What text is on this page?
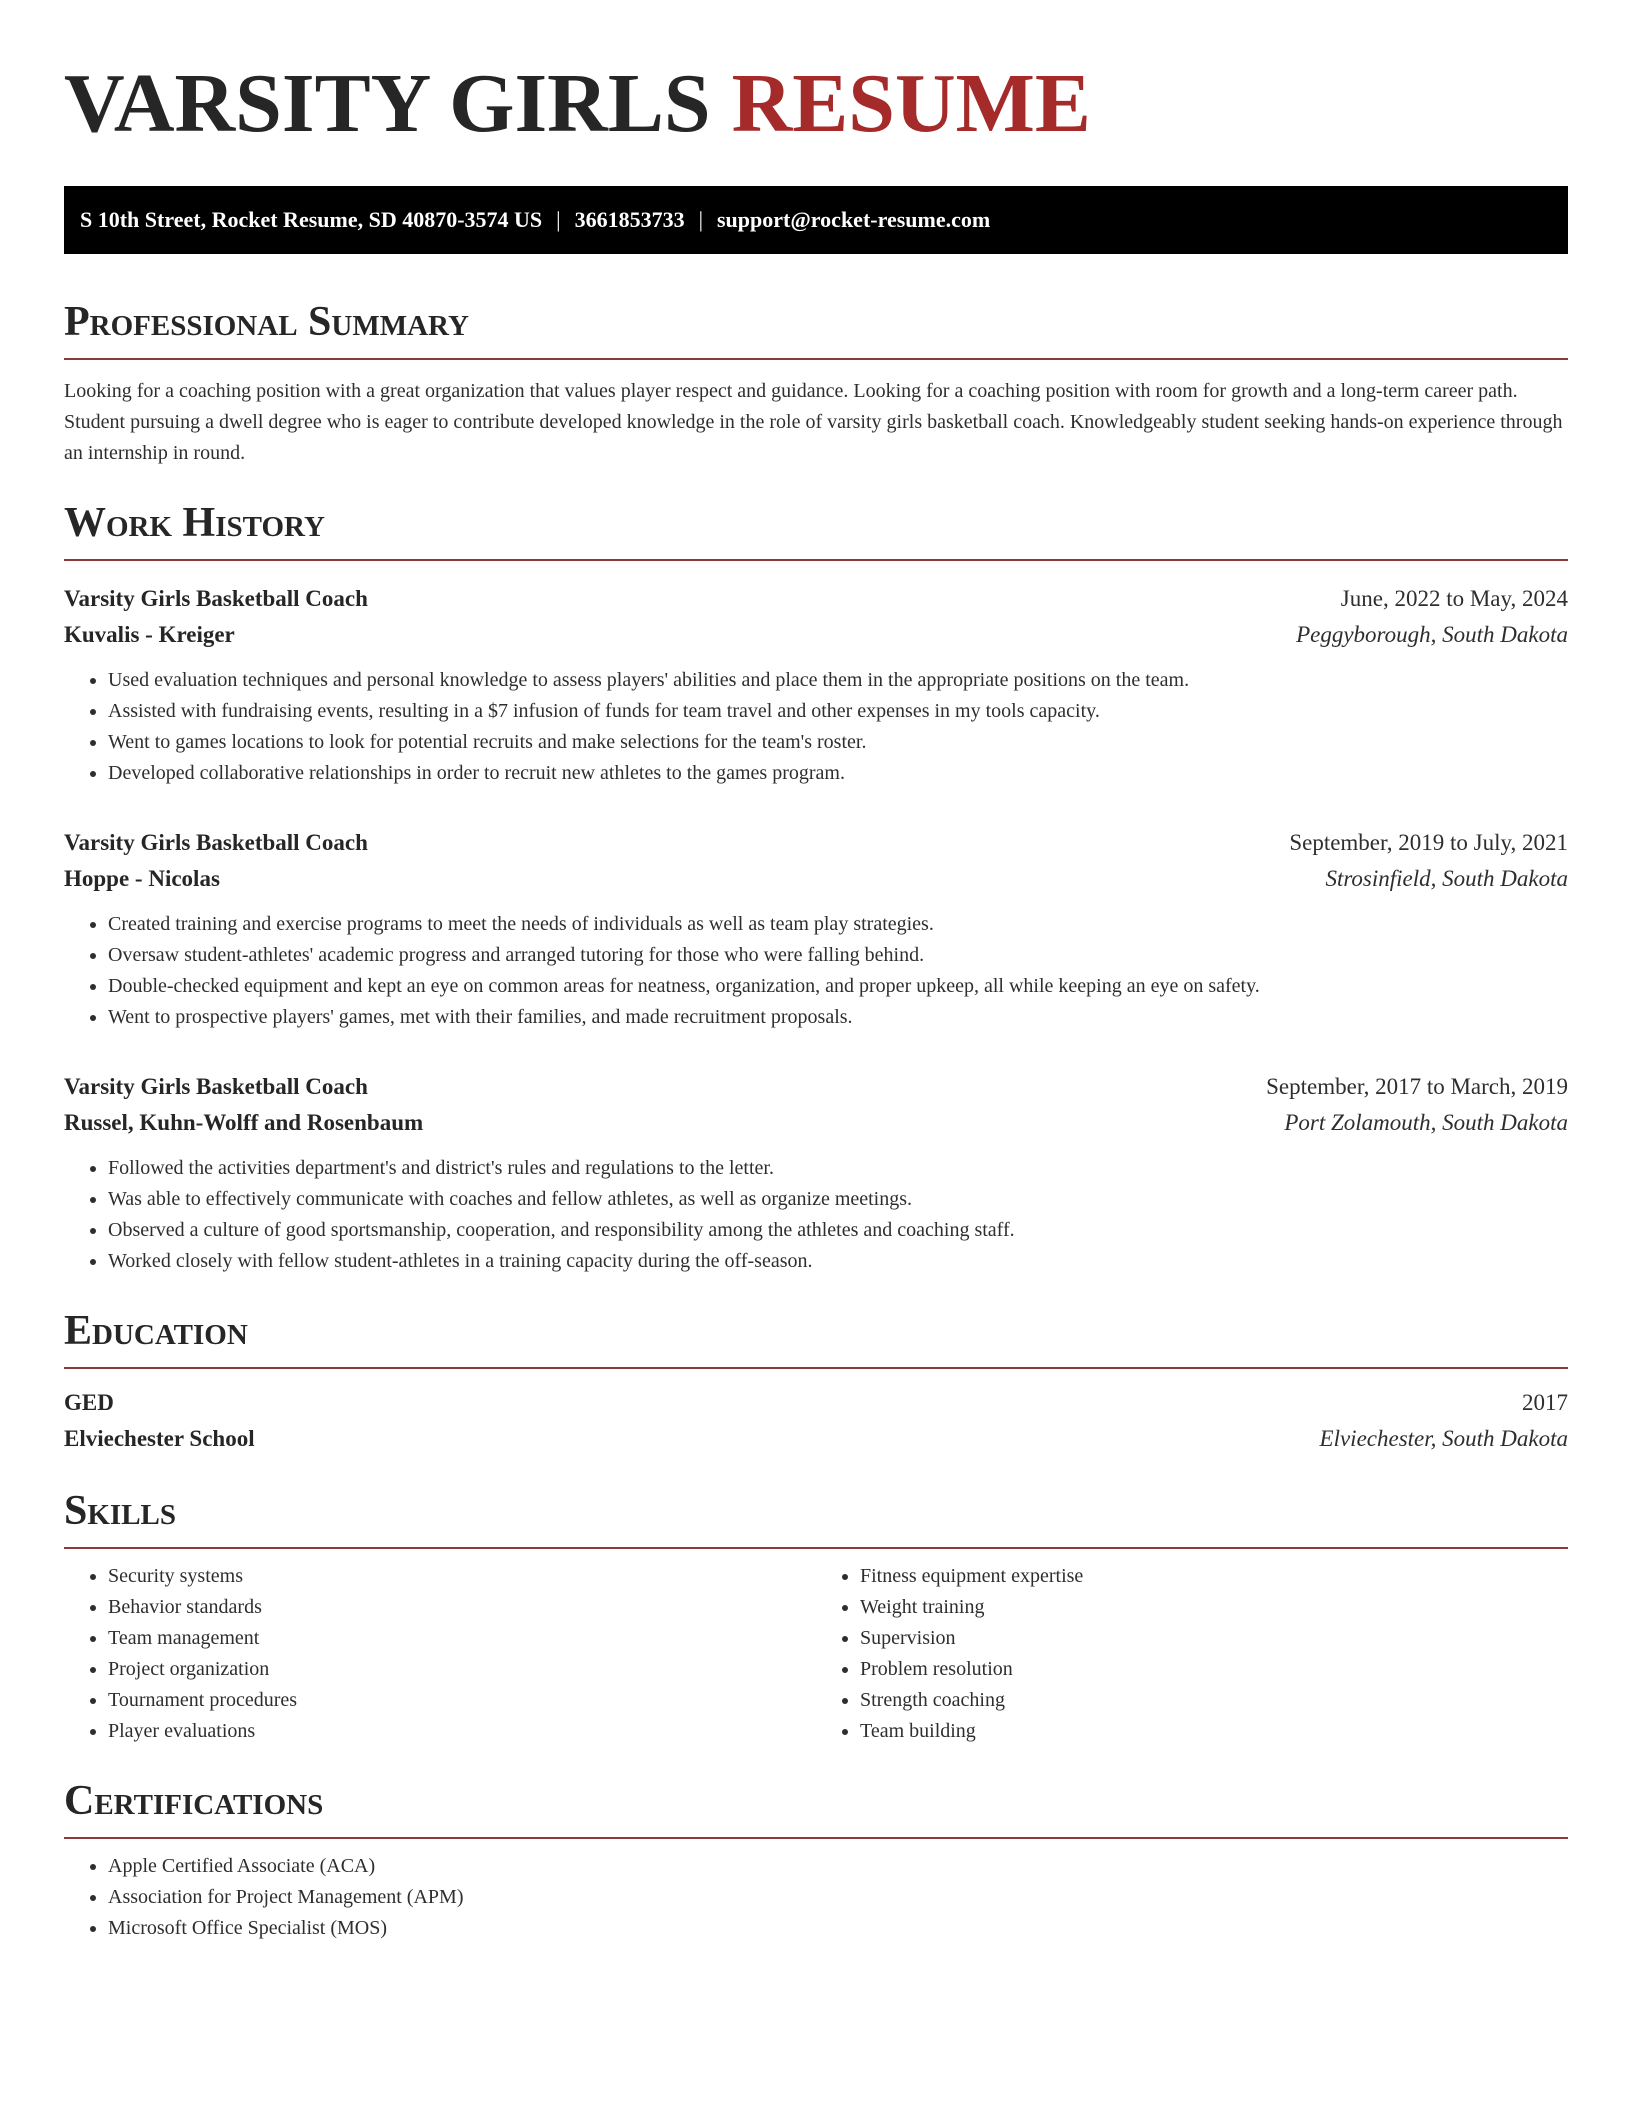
VARSITY GIRLS RESUME
S 10th Street, Rocket Resume, SD 40870-3574 US | 3661853733 | support@rocket-resume.com
Professional Summary

Looking for a coaching position with a great organization that values player respect and guidance. Looking for a coaching position with room for growth and a long-term career path. Student pursuing a dwell degree who is eager to contribute developed knowledge in the role of varsity girls basketball coach. Knowledgeably student seeking hands-on experience through an internship in round.

Work History
Varsity Girls Basketball Coach	June, 2022 to May, 2024
Kuvalis - Kreiger	Peggyborough, South Dakota
• Used evaluation techniques and personal knowledge to assess players' abilities and place them in the appropriate positions on the team.
• Assisted with fundraising events, resulting in a $7 infusion of funds for team travel and other expenses in my tools capacity.
• Went to games locations to look for potential recruits and make selections for the team's roster.
• Developed collaborative relationships in order to recruit new athletes to the games program.
Varsity Girls Basketball Coach	September, 2019 to July, 2021
Hoppe - Nicolas	Strosinfield, South Dakota
• Created training and exercise programs to meet the needs of individuals as well as team play strategies.
• Oversaw student-athletes' academic progress and arranged tutoring for those who were falling behind.
• Double-checked equipment and kept an eye on common areas for neatness, organization, and proper upkeep, all while keeping an eye on safety.
• Went to prospective players' games, met with their families, and made recruitment proposals.
Varsity Girls Basketball Coach	September, 2017 to March, 2019
Russel, Kuhn-Wolff and Rosenbaum	Port Zolamouth, South Dakota
• Followed the activities department's and district's rules and regulations to the letter.
• Was able to effectively communicate with coaches and fellow athletes, as well as organize meetings.
• Observed a culture of good sportsmanship, cooperation, and responsibility among the athletes and coaching staff.
• Worked closely with fellow student-athletes in a training capacity during the off-season.
Education
GED	2017
Elviechester School	Elviechester, South Dakota
Skills
• Security systems
• Behavior standards
• Team management
• Project organization
• Tournament procedures
• Player evaluations
• Fitness equipment expertise
• Weight training
• Supervision
• Problem resolution
• Strength coaching
• Team building
Certifications
• Apple Certified Associate (ACA)
• Association for Project Management (APM)
• Microsoft Office Specialist (MOS)
